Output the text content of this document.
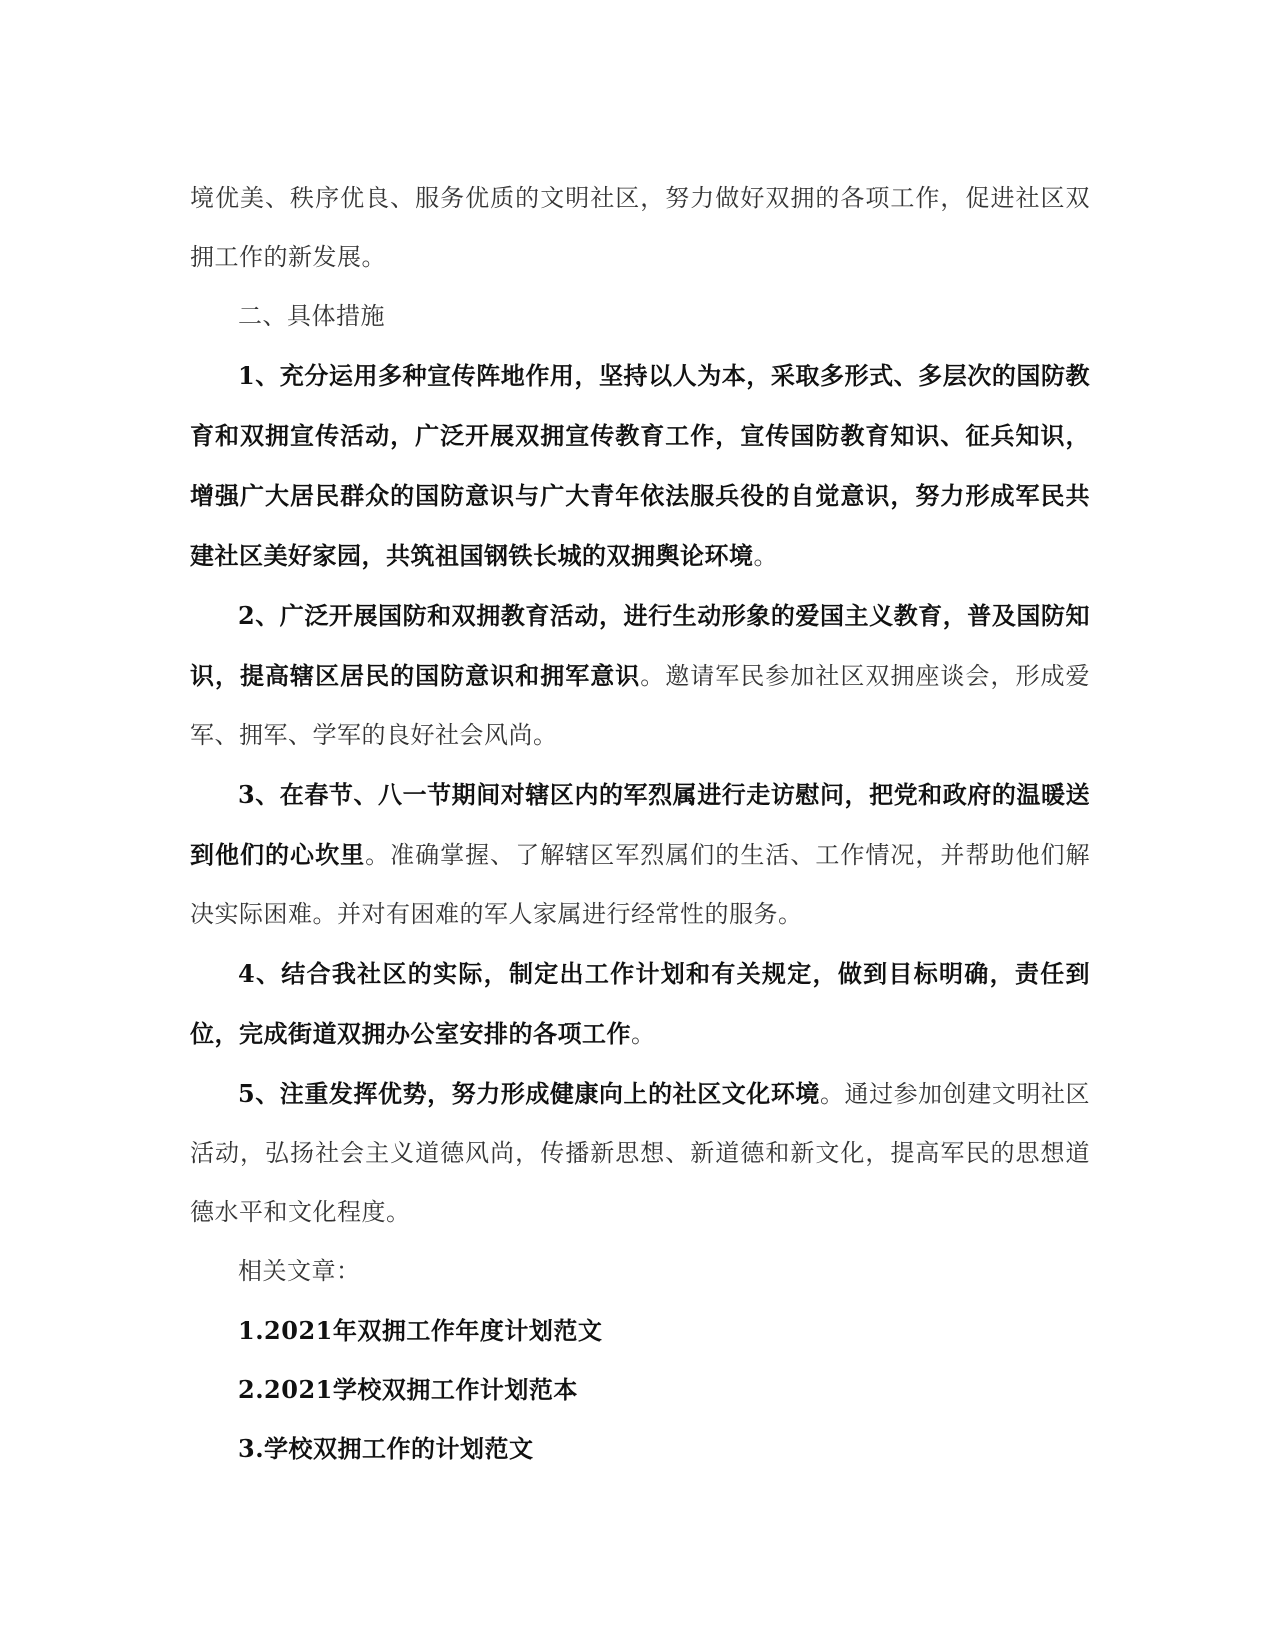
境优美、秩序优良、服务优质的文明社区，努力做好双拥的各项工作，促进社区双拥工作的新发展。

二、具体措施

1、充分运用多种宣传阵地作用，坚持以人为本，采取多形式、多层次的国防教育和双拥宣传活动，广泛开展双拥宣传教育工作，宣传国防教育知识、征兵知识，增强广大居民群众的国防意识与广大青年依法服兵役的自觉意识，努力形成军民共建社区美好家园，共筑祖国钢铁长城的双拥舆论环境。

2、广泛开展国防和双拥教育活动，进行生动形象的爱国主义教育，普及国防知识，提高辖区居民的国防意识和拥军意识。邀请军民参加社区双拥座谈会，形成爱军、拥军、学军的良好社会风尚。

3、在春节、八一节期间对辖区内的军烈属进行走访慰问，把党和政府的温暖送到他们的心坎里。准确掌握、了解辖区军烈属们的生活、工作情况，并帮助他们解决实际困难。并对有困难的军人家属进行经常性的服务。

4、结合我社区的实际，制定出工作计划和有关规定，做到目标明确，责任到位，完成街道双拥办公室安排的各项工作。

5、注重发挥优势，努力形成健康向上的社区文化环境。通过参加创建文明社区活动，弘扬社会主义道德风尚，传播新思想、新道德和新文化，提高军民的思想道德水平和文化程度。

相关文章：

1.2021年双拥工作年度计划范文

2.2021学校双拥工作计划范本

3.学校双拥工作的计划范文
